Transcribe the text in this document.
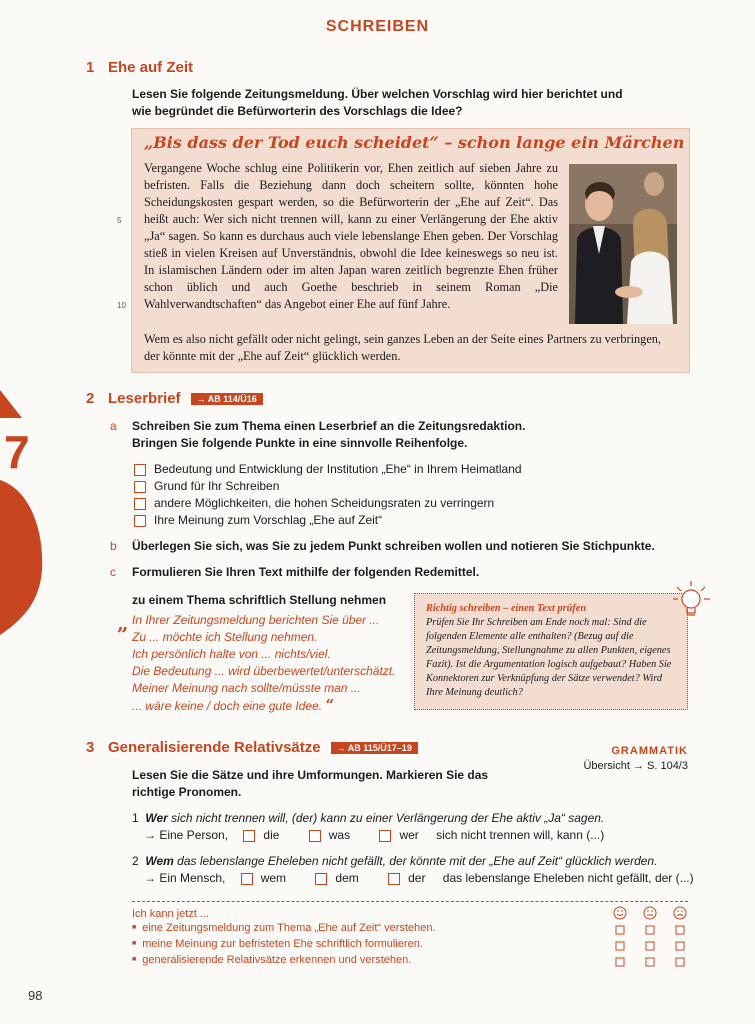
SCHREIBEN
7
1 Ehe auf Zeit
Lesen Sie folgende Zeitungsmeldung. Über welchen Vorschlag wird hier berichtet und
wie begründet die Befürworterin des Vorschlags die Idee?
„Bis dass der Tod euch scheidet“ – schon lange ein Märchen
Vergangene Woche schlug eine Politikerin vor, Ehen zeitlich auf sieben Jahre zu befristen. Falls die Beziehung dann doch scheitern sollte, könnten hohe Scheidungskosten gespart werden, so die Befürworterin der „Ehe auf Zeit“. Das heißt auch: Wer sich nicht trennen will, kann zu einer Verlängerung der Ehe aktiv „Ja“ sagen. So kann es durchaus auch viele lebenslange Ehen geben. Der Vorschlag stieß in vielen Kreisen auf Unverständnis, obwohl die Idee keineswegs so neu ist. In islamischen Ländern oder im alten Japan waren zeitlich begrenzte Ehen früher schon üblich und auch Goethe beschrieb in seinem Roman „Die Wahlverwandtschaften“ das Angebot einer Ehe auf fünf Jahre.
Wem es also nicht gefällt oder nicht gelingt, sein ganzes Leben an der Seite eines Partners zu verbringen, der könnte mit der „Ehe auf Zeit“ glücklich werden.
5
10
2 Leserbrief → AB 114/Ü16
a Schreiben Sie zum Thema einen Leserbrief an die Zeitungsredaktion.
Bringen Sie folgende Punkte in eine sinnvolle Reihenfolge.
Bedeutung und Entwicklung der Institution „Ehe“ in Ihrem Heimatland
Grund für Ihr Schreiben
andere Möglichkeiten, die hohen Scheidungsraten zu verringern
Ihre Meinung zum Vorschlag „Ehe auf Zeit“
b Überlegen Sie sich, was Sie zu jedem Punkt schreiben wollen und notieren Sie Stichpunkte.
c Formulieren Sie Ihren Text mithilfe der folgenden Redemittel.
zu einem Thema schriftlich Stellung nehmen
„ In Ihrer Zeitungsmeldung berichten Sie über ...
Zu ... möchte ich Stellung nehmen.
Ich persönlich halte von ... nichts/viel.
Die Bedeutung ... wird überbewertet/unterschätzt.
Meiner Meinung nach sollte/müsste man ...
... wäre keine / doch eine gute Idee. “
Richtig schreiben – einen Text prüfen
Prüfen Sie Ihr Schreiben am Ende noch mal: Sind die folgenden Elemente alle enthalten? (Bezug auf die Zeitungsmeldung, Stellungnahme zu allen Punkten, eigenes Fazit). Ist die Argumentation logisch aufgebaut? Haben Sie Konnektoren zur Verknüpfung der Sätze verwendet? Wird Ihre Meinung deutlich?
3 Generalisierende Relativsätze → AB 115/Ü17–19	GRAMMATIK
Übersicht → S. 104/3
Lesen Sie die Sätze und ihre Umformungen. Markieren Sie das
richtige Pronomen.
1 Wer sich nicht trennen will, (der) kann zu einer Verlängerung der Ehe aktiv „Ja“ sagen.
→ Eine Person,	die	was	wer sich nicht trennen will, kann (...)
2 Wem das lebenslange Eheleben nicht gefällt, der könnte mit der „Ehe auf Zeit“ glücklich werden.
→ Ein Mensch,	wem	dem	der das lebenslange Eheleben nicht gefällt, der (...)
Ich kann jetzt ...
■ eine Zeitungsmeldung zum Thema „Ehe auf Zeit“ verstehen.
■ meine Meinung zur befristeten Ehe schriftlich formulieren.
■ generalisierende Relativsätze erkennen und verstehen.
98
